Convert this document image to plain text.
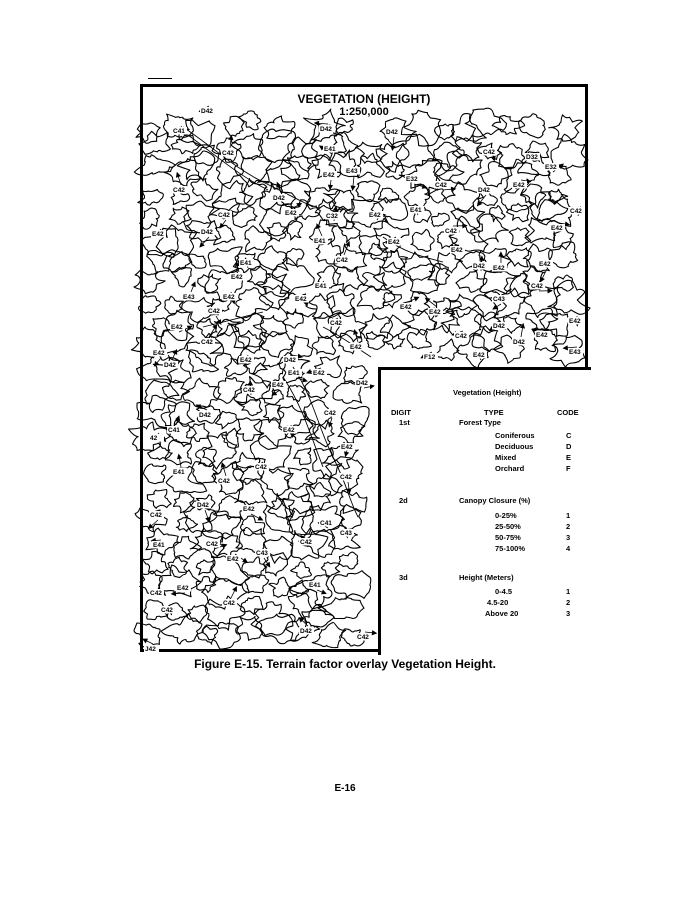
D42
C41	D42	D42
C42
E41	C42
D32
E32
E43
E42
E32
C42
D42
E42
C42
D42
E41
C42	E42	C32	E42
C42
E42	D42
E41	E42
C42	E42
E42
C42
D42 E42
E42
E41
E42
E41	C42
E43	E42	E42	C43
C42
E42
E42
E42
C42	D42
E42
E42
C42
E42
C42
D42
E42
E42	D42	F12	E42	E43
D42
E41 E42
D42
E42
C42
D42	C42
C41	E42
42
E42
E41
C42
C42
C42
D42
E42
C42
C41
C43
E41	C42	C42
C43
E42
E42
C42
E41
C42
C42
D42
C42
J42
VEGETATION (HEIGHT)
1:250,000
Vegetation (Height)
DIGIT	TYPE	CODE
1st	Forest Type
Coniferous	C
Deciduous	D
Mixed	E
Orchard	F
2d	Canopy Closure (%)
0-25%	1
25-50%	2
50-75%	3
75-100%	4
3d	Height (Meters)
0-4.5	1
4.5-20	2
Above 20	3
Figure E-15. Terrain factor overlay Vegetation Height.
E-16
